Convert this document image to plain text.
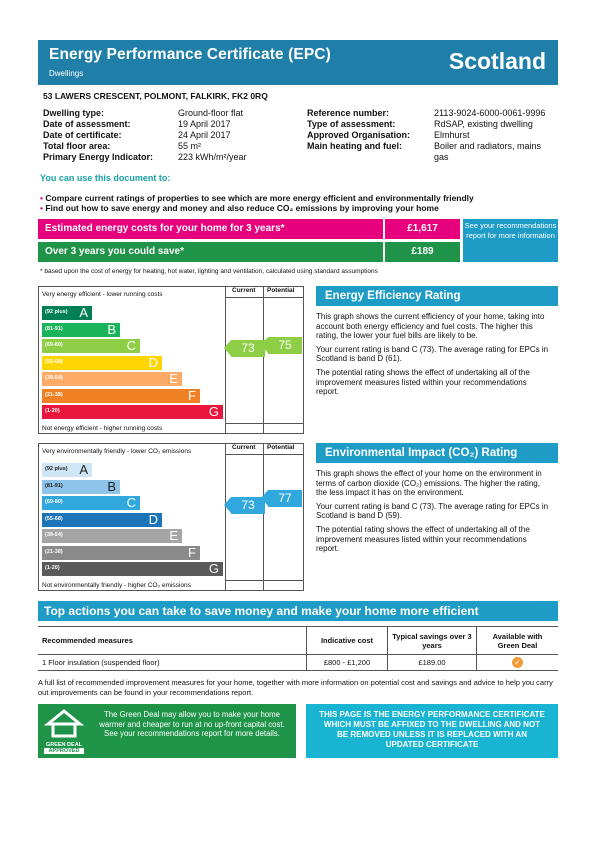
Energy Performance Certificate (EPC)
Dwellings	Scotland
53 LAWERS CRESCENT, POLMONT, FALKIRK, FK2 0RQ
Dwelling type:	Ground-floor flat
Date of assessment:	19 April 2017
Date of certificate:	24 April 2017
Total floor area:	55 m²
Primary Energy Indicator:	223 kWh/m²/year
Reference number:	2113-9024-6000-0061-9996
Type of assessment:	RdSAP, existing dwelling
Approved Organisation:	Elmhurst
Main heating and fuel:	Boiler and radiators, mains gas
You can use this document to:
• Compare current ratings of properties to see which are more energy efficient and environmentally friendly
• Find out how to save energy and money and also reduce CO₂ emissions by improving your home
Estimated energy costs for your home for 3 years*	£1,617
Over 3 years you could save*	£189
See your recommendations report for more information
* based upon the cost of energy for heating, hot water, lighting and ventilation, calculated using standard assumptions
Current Potential
Very energy efficient - lower running costs
Not energy efficient - higher running costs
(92 plus) A
(81-91)	B
(69-80)	C
(55-68)	D
(39-54)	E
(21-38)	F
(1-20)	G
73	75
Current Potential
Very environmentally friendly - lower CO₂ emissions
Not environmentally friendly - higher CO₂ emissions
(92 plus) A
(81-91)	B
(69-80)	C
(55-68)	D
(39-54)	E
(21-38)	F
(1-20)	G
73	77
Energy Efficiency Rating
This graph shows the current efficiency of your home, taking into account both energy efficiency and fuel costs. The higher this rating, the lower your fuel bills are likely to be.
Your current rating is band C (73). The average rating for EPCs in Scotland is band D (61).
The potential rating shows the effect of undertaking all of the improvement measures listed within your recommendations report.
Environmental Impact (CO₂) Rating
This graph shows the effect of your home on the environment in terms of carbon dioxide (CO₂) emissions. The higher the rating, the less impact it has on the environment.
Your current rating is band C (73). The average rating for EPCs in Scotland is band D (59).
The potential rating shows the effect of undertaking all of the improvement measures listed within your recommendations report.
Top actions you can take to save money and make your home more efficient
Recommended measures	Indicative cost	Typical savings over 3 years	Available with Green Deal
1 Floor insulation (suspended floor)	£800 - £1,200	£189.00	✓
A full list of recommended improvement measures for your home, together with more information on potential cost and savings and advice to help you carry out improvements can be found in your recommendations report.
GREEN DEAL
APPROVED
The Green Deal may allow you to make your home warmer and cheaper to run at no up-front capital cost. See your recommendations report for more details.
THIS PAGE IS THE ENERGY PERFORMANCE CERTIFICATE WHICH MUST BE AFFIXED TO THE DWELLING AND NOT BE REMOVED UNLESS IT IS REPLACED WITH AN UPDATED CERTIFICATE
